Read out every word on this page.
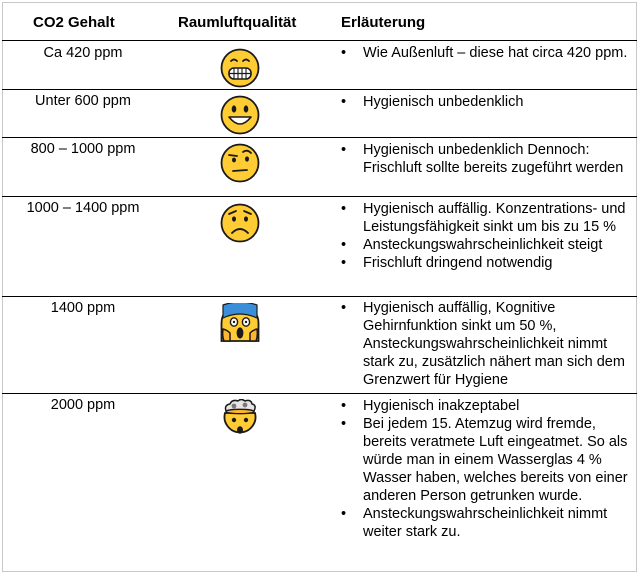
CO2 Gehalt	Raumluftqualität	Erläuterung
Ca 420 ppm	• Wie Außenluft – diese hat circa 420 ppm.
Unter 600 ppm	• Hygienisch unbedenklich
800 – 1000 ppm	• Hygienisch unbedenklich Dennoch: Frischluft sollte bereits zugeführt werden
1000 – 1400 ppm	• Hygienisch auffällig. Konzentrations- und Leistungsfähigkeit sinkt um bis zu 15 %
• Ansteckungswahrscheinlichkeit steigt
• Frischluft dringend notwendig
1400 ppm	• Hygienisch auffällig, Kognitive Gehirnfunktion sinkt um 50 %, Ansteckungswahrscheinlichkeit nimmt stark zu, zusätzlich nähert man sich dem Grenzwert für Hygiene
2000 ppm	• Hygienisch inakzeptabel
• Bei jedem 15. Atemzug wird fremde, bereits veratmete Luft eingeatmet. So als würde man in einem Wasserglas 4 % Wasser haben, welches bereits von einer anderen Person getrunken wurde.
• Ansteckungswahrscheinlichkeit nimmt weiter stark zu.
